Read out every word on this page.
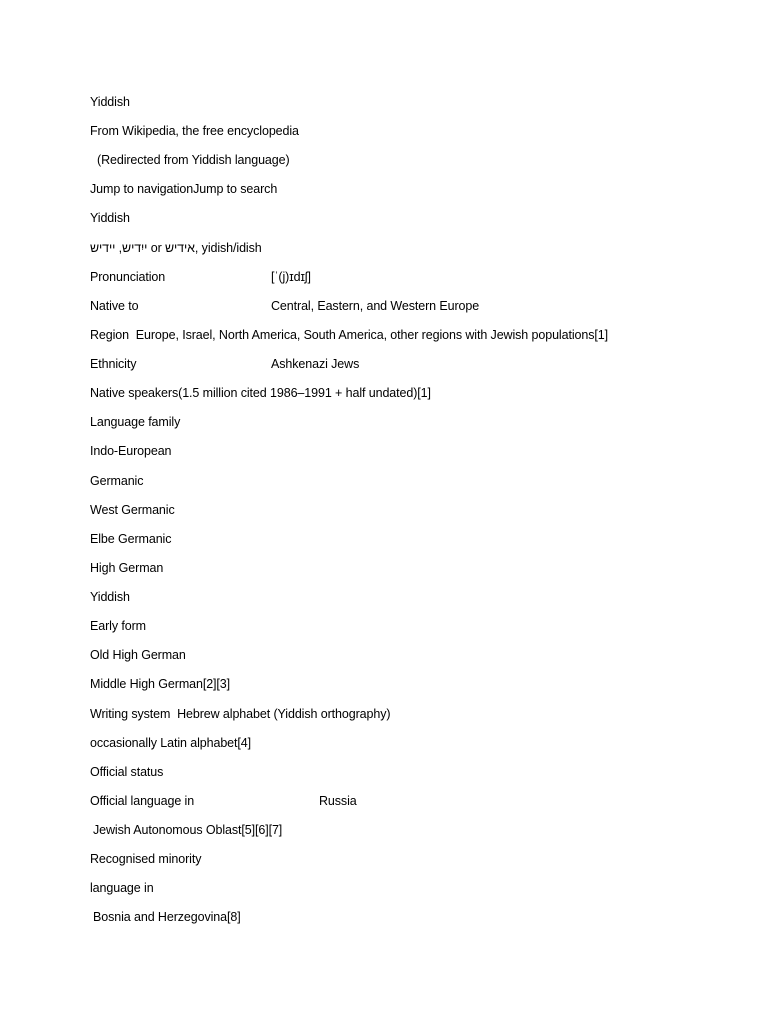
Yiddish
From Wikipedia, the free encyclopedia
(Redirected from Yiddish language)
Jump to navigationJump to search
Yiddish
ייִדיש, יידיש or אידיש, yidish/idish
Pronunciation	[ˈ(j)ɪdɪʃ]
Native to	Central, Eastern, and Western Europe
Region Europe, Israel, North America, South America, other regions with Jewish populations[1]
Ethnicity	Ashkenazi Jews
Native speakers(1.5 million cited 1986–1991 + half undated)[1]
Language family
Indo-European
Germanic
West Germanic
Elbe Germanic
High German
Yiddish
Early form
Old High German
Middle High German[2][3]
Writing system Hebrew alphabet (Yiddish orthography)
occasionally Latin alphabet[4]
Official status
Official language in	Russia
Jewish Autonomous Oblast[5][6][7]
Recognised minority
language in
Bosnia and Herzegovina[8]
